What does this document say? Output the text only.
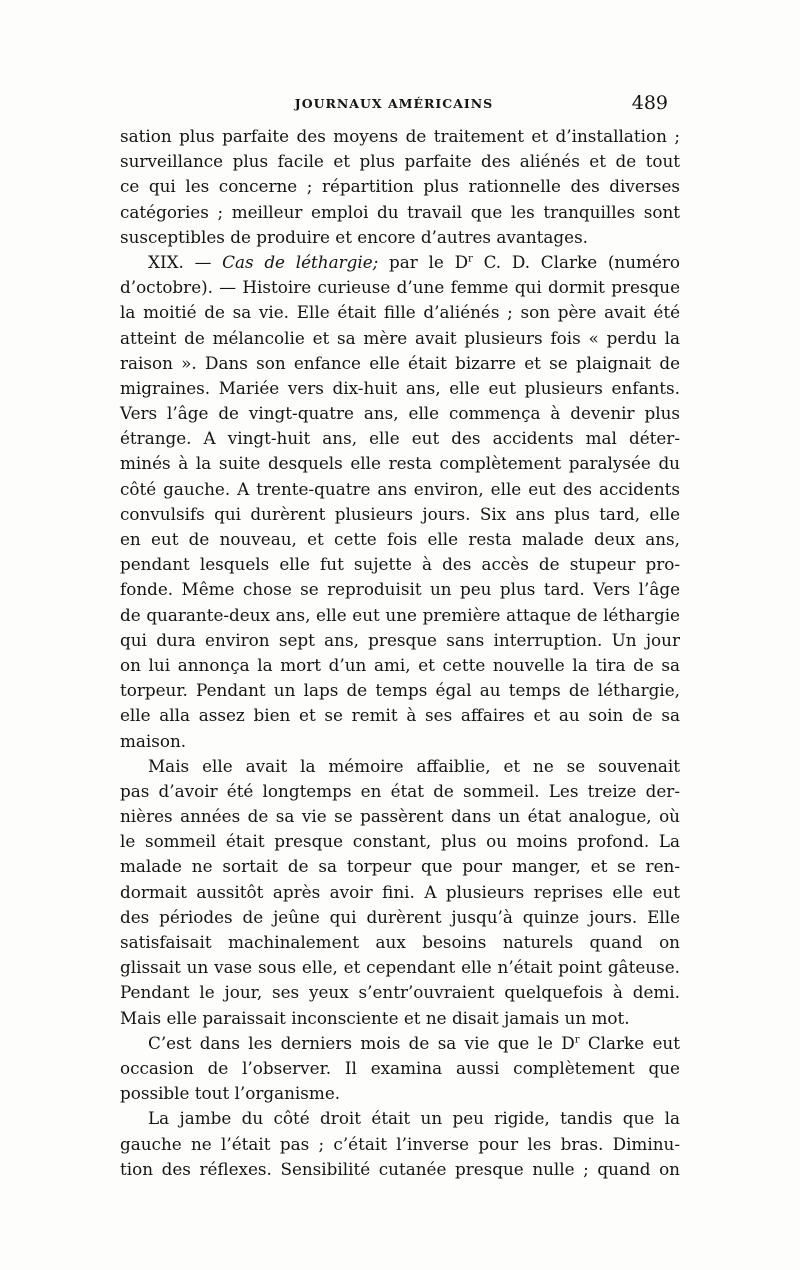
JOURNAUX AMÉRICAINS	489
sation plus parfaite des moyens de traitement et d’installation ;
surveillance plus facile et plus parfaite des aliénés et de tout
ce qui les concerne ; répartition plus rationnelle des diverses
catégories ; meilleur emploi du travail que les tranquilles sont
susceptibles de produire et encore d’autres avantages.
XIX. — Cas de léthargie; par le $D^r$ C. D. Clarke (numéro
d’octobre). — Histoire curieuse d’une femme qui dormit presque
la moitié de sa vie. Elle était fille d’aliénés ; son père avait été
atteint de mélancolie et sa mère avait plusieurs fois « perdu la
raison ». Dans son enfance elle était bizarre et se plaignait de
migraines. Mariée vers dix-huit ans, elle eut plusieurs enfants.
Vers l’âge de vingt-quatre ans, elle commença à devenir plus
étrange. A vingt-huit ans, elle eut des accidents mal déter-
minés à la suite desquels elle resta complètement paralysée du
côté gauche. A trente-quatre ans environ, elle eut des accidents
convulsifs qui durèrent plusieurs jours. Six ans plus tard, elle
en eut de nouveau, et cette fois elle resta malade deux ans,
pendant lesquels elle fut sujette à des accès de stupeur pro-
fonde. Même chose se reproduisit un peu plus tard. Vers l’âge
de quarante-deux ans, elle eut une première attaque de léthargie
qui dura environ sept ans, presque sans interruption. Un jour
on lui annonça la mort d’un ami, et cette nouvelle la tira de sa
torpeur. Pendant un laps de temps égal au temps de léthargie,
elle alla assez bien et se remit à ses affaires et au soin de sa
maison.
Mais elle avait la mémoire affaiblie, et ne se souvenait
pas d’avoir été longtemps en état de sommeil. Les treize der-
nières années de sa vie se passèrent dans un état analogue, où
le sommeil était presque constant, plus ou moins profond. La
malade ne sortait de sa torpeur que pour manger, et se ren-
dormait aussitôt après avoir fini. A plusieurs reprises elle eut
des périodes de jeûne qui durèrent jusqu’à quinze jours. Elle
satisfaisait machinalement aux besoins naturels quand on
glissait un vase sous elle, et cependant elle n’était point gâteuse.
Pendant le jour, ses yeux s’entr’ouvraient quelquefois à demi.
Mais elle paraissait inconsciente et ne disait jamais un mot.
C’est dans les derniers mois de sa vie que le $D^r$ Clarke eut
occasion de l’observer. Il examina aussi complètement que
possible tout l’organisme.
La jambe du côté droit était un peu rigide, tandis que la
gauche ne l’était pas ; c’était l’inverse pour les bras. Diminu-
tion des réflexes. Sensibilité cutanée presque nulle ; quand on
